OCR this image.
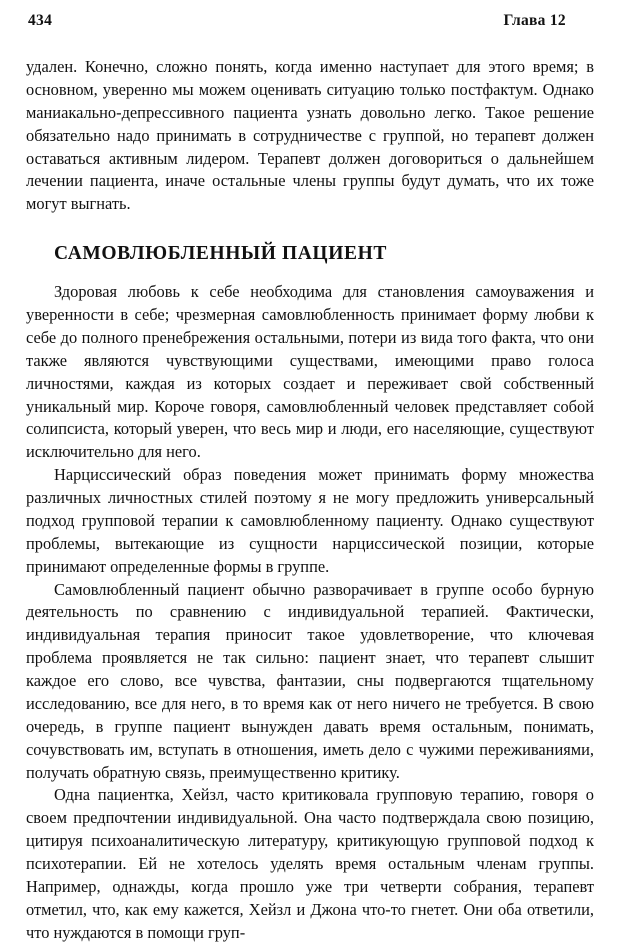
434	Глава 12

удален. Конечно, сложно понять, когда именно наступает для этого время; в основном, уверенно мы можем оценивать ситуацию только постфактум. Однако маниакально-депрессивного пациента узнать довольно легко. Такое решение обязательно надо принимать в сотрудничестве с группой, но терапевт должен оставаться активным лидером. Терапевт должен договориться о дальнейшем лечении пациента, иначе остальные члены группы будут думать, что их тоже могут выгнать.

САМОВЛЮБЛЕННЫЙ ПАЦИЕНТ

Здоровая любовь к себе необходима для становления самоуважения и уверенности в себе; чрезмерная самовлюбленность принимает форму любви к себе до полного пренебрежения остальными, потери из вида того факта, что они также являются чувствующими существами, имеющими право голоса личностями, каждая из которых создает и переживает свой собственный уникальный мир. Короче говоря, самовлюбленный человек представляет собой солипсиста, который уверен, что весь мир и люди, его населяющие, существуют исключительно для него.

Нарциссический образ поведения может принимать форму множества различных личностных стилей поэтому я не могу предложить универсальный подход групповой терапии к самовлюбленному пациенту. Однако существуют проблемы, вытекающие из сущности нарциссической позиции, которые принимают определенные формы в группе.

Самовлюбленный пациент обычно разворачивает в группе особо бурную деятельность по сравнению с индивидуальной терапией. Фактически, индивидуальная терапия приносит такое удовлетворение, что ключевая проблема проявляется не так сильно: пациент знает, что терапевт слышит каждое его слово, все чувства, фантазии, сны подвергаются тщательному исследованию, все для него, в то время как от него ничего не требуется. В свою очередь, в группе пациент вынужден давать время остальным, понимать, сочувствовать им, вступать в отношения, иметь дело с чужими переживаниями, получать обратную связь, преимущественно критику.

Одна пациентка, Хейзл, часто критиковала групповую терапию, говоря о своем предпочтении индивидуальной. Она часто подтверждала свою позицию, цитируя психоаналитическую литературу, критикующую групповой подход к психотерапии. Ей не хотелось уделять время остальным членам группы. Например, однажды, когда прошло уже три четверти собрания, терапевт отметил, что, как ему кажется, Хейзл и Джона что-то гнетет. Они оба ответили, что нуждаются в помощи груп-
